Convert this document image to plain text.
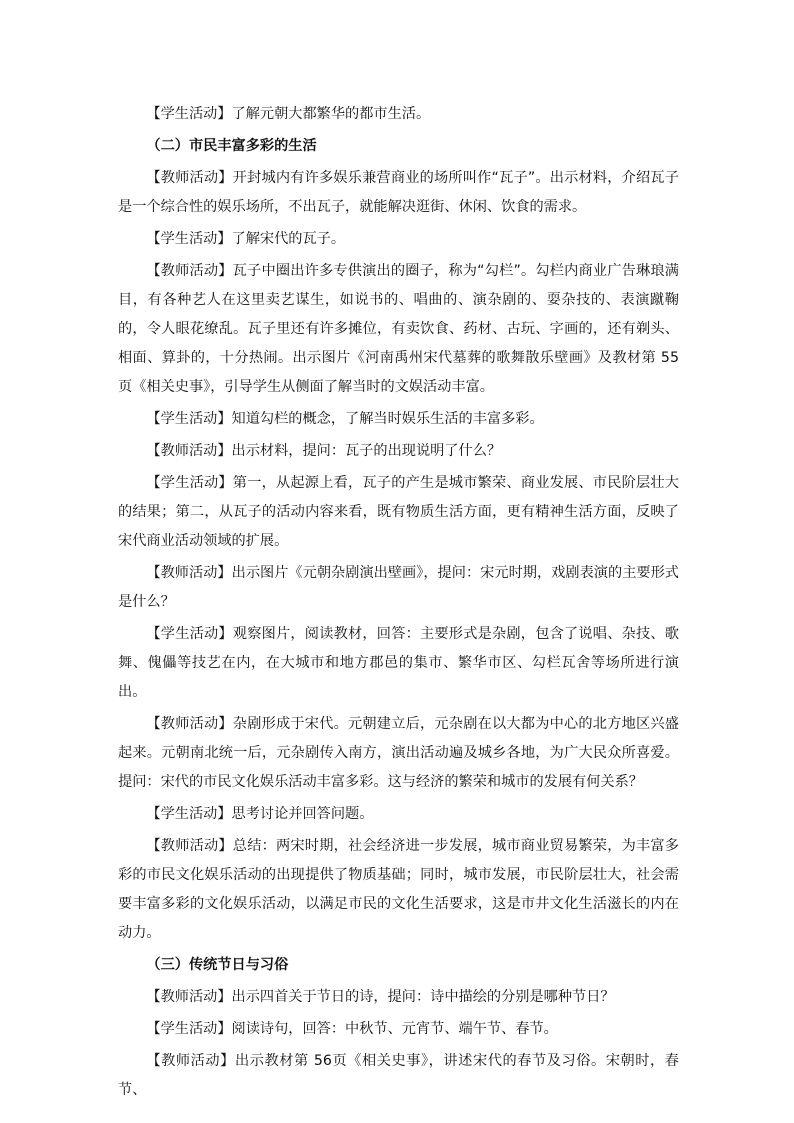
【学生活动】了解元朝大都繁华的都市生活。

（二）市民丰富多彩的生活

【教师活动】开封城内有许多娱乐兼营商业的场所叫作“瓦子”。出示材料，介绍瓦子是一个综合性的娱乐场所，不出瓦子，就能解决逛街、休闲、饮食的需求。

【学生活动】了解宋代的瓦子。

【教师活动】瓦子中圈出许多专供演出的圈子，称为“勾栏”。勾栏内商业广告琳琅满目，有各种艺人在这里卖艺谋生，如说书的、唱曲的、演杂剧的、耍杂技的、表演蹴鞠的，令人眼花缭乱。瓦子里还有许多摊位，有卖饮食、药材、古玩、字画的，还有剃头、相面、算卦的，十分热闹。出示图片《河南禹州宋代墓葬的歌舞散乐壁画》及教材第 55页《相关史事》，引导学生从侧面了解当时的文娱活动丰富。

【学生活动】知道勾栏的概念，了解当时娱乐生活的丰富多彩。

【教师活动】出示材料，提问：瓦子的出现说明了什么？

【学生活动】第一，从起源上看，瓦子的产生是城市繁荣、商业发展、市民阶层壮大的结果；第二，从瓦子的活动内容来看，既有物质生活方面，更有精神生活方面，反映了宋代商业活动领域的扩展。

【教师活动】出示图片《元朝杂剧演出壁画》，提问：宋元时期，戏剧表演的主要形式是什么？

【学生活动】观察图片，阅读教材，回答：主要形式是杂剧，包含了说唱、杂技、歌舞、傀儡等技艺在内，在大城市和地方郡邑的集市、繁华市区、勾栏瓦舍等场所进行演出。

【教师活动】杂剧形成于宋代。元朝建立后，元杂剧在以大都为中心的北方地区兴盛起来。元朝南北统一后，元杂剧传入南方，演出活动遍及城乡各地，为广大民众所喜爱。提问：宋代的市民文化娱乐活动丰富多彩。这与经济的繁荣和城市的发展有何关系？

【学生活动】思考讨论并回答问题。

【教师活动】总结：两宋时期，社会经济进一步发展，城市商业贸易繁荣，为丰富多彩的市民文化娱乐活动的出现提供了物质基础；同时，城市发展，市民阶层壮大，社会需要丰富多彩的文化娱乐活动，以满足市民的文化生活要求，这是市井文化生活滋长的内在动力。

（三）传统节日与习俗

【教师活动】出示四首关于节日的诗，提问：诗中描绘的分别是哪种节日？

【学生活动】阅读诗句，回答：中秋节、元宵节、端午节、春节。

【教师活动】出示教材第 56页《相关史事》，讲述宋代的春节及习俗。宋朝时，春节、
